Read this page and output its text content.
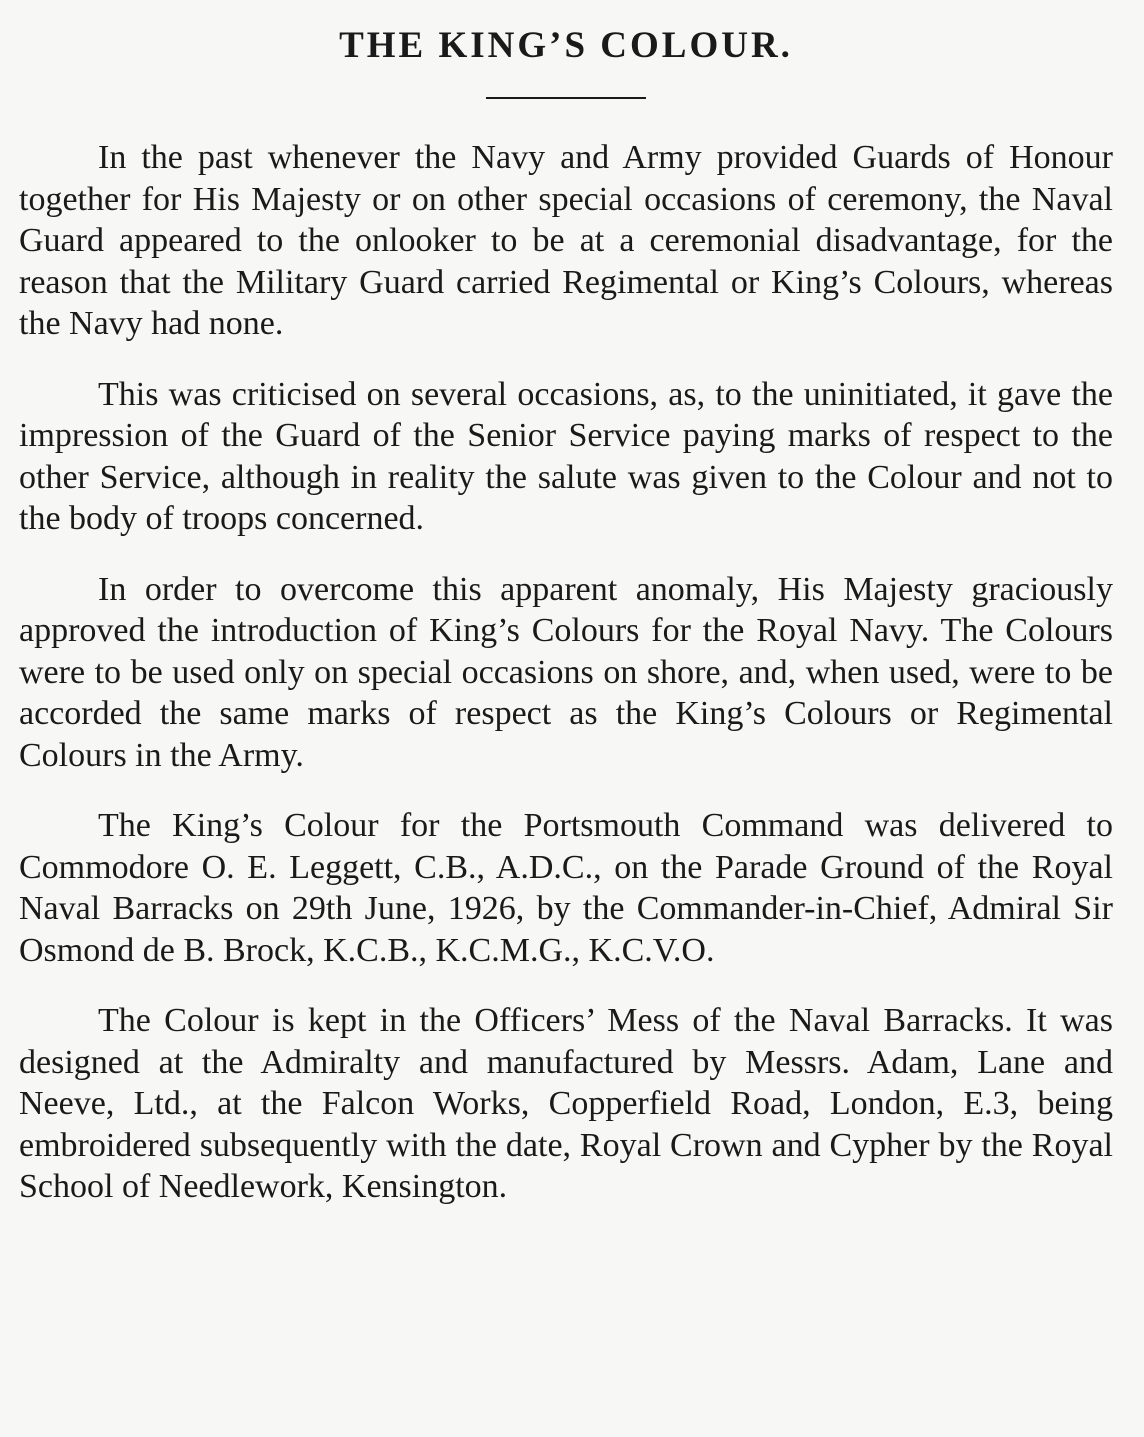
THE KING’S COLOUR.

In the past whenever the Navy and Army provided Guards of Honour together for His Majesty or on other special occasions of ceremony, the Naval Guard appeared to the onlooker to be at a ceremonial disadvantage, for the reason that the Military Guard carried Regimental or King’s Colours, whereas the Navy had none.

This was criticised on several occasions, as, to the uninitiated, it gave the impression of the Guard of the Senior Service paying marks of respect to the other Service, although in reality the salute was given to the Colour and not to the body of troops concerned.

In order to overcome this apparent anomaly, His Majesty graciously approved the introduction of King’s Colours for the Royal Navy. The Colours were to be used only on special occasions on shore, and, when used, were to be accorded the same marks of respect as the King’s Colours or Regimental Colours in the Army.

The King’s Colour for the Portsmouth Command was delivered to Commodore O. E. Leggett, C.B., A.D.C., on the Parade Ground of the Royal Naval Barracks on 29th June, 1926, by the Commander-in-Chief, Admiral Sir Osmond de B. Brock, K.C.B., K.C.M.G., K.C.V.O.

The Colour is kept in the Officers’ Mess of the Naval Barracks. It was designed at the Admiralty and manufactured by Messrs. Adam, Lane and Neeve, Ltd., at the Falcon Works, Copperfield Road, London, E.3, being embroidered subsequently with the date, Royal Crown and Cypher by the Royal School of Needlework, Kensington.
